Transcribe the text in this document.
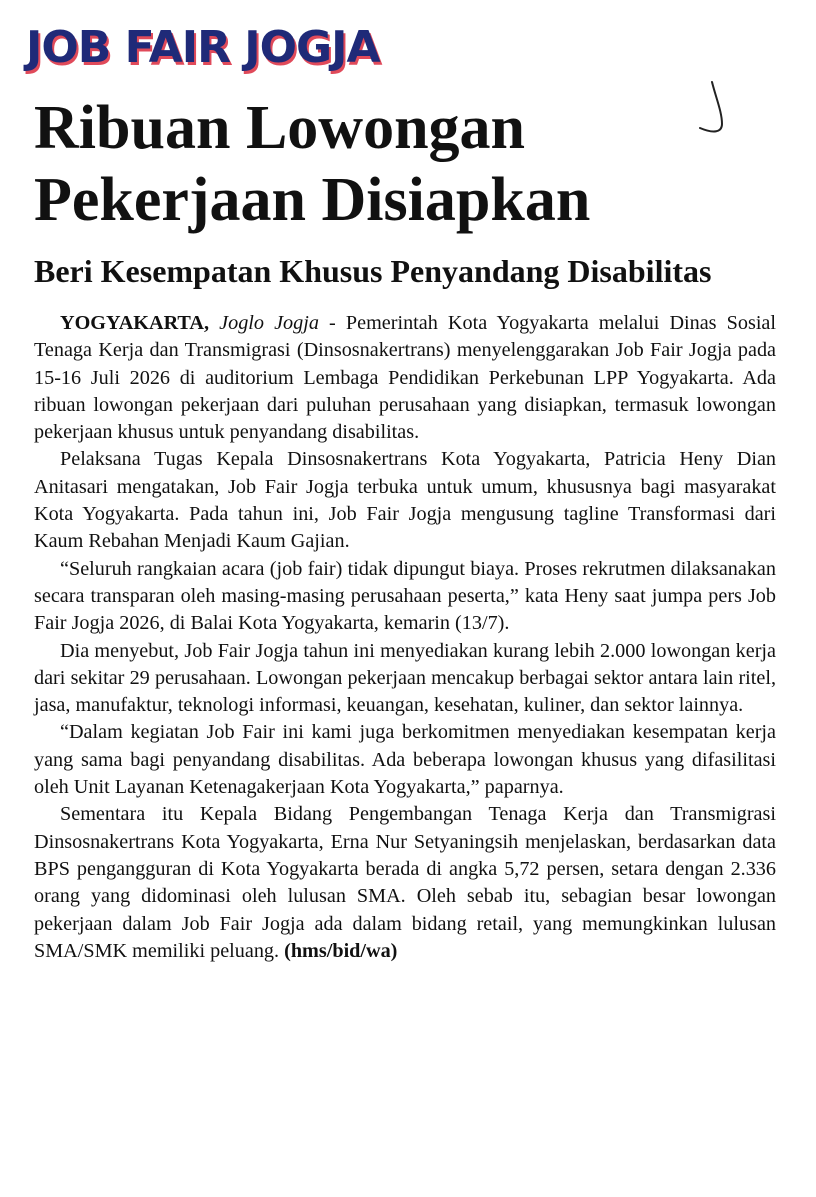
JOB FAIR JOGJA
Ribuan Lowongan Pekerjaan Disiapkan
Beri Kesempatan Khusus Penyandang Disabilitas

YOGYAKARTA, Joglo Jogja - Pemerintah Kota Yogyakarta melalui Dinas Sosial Tenaga Kerja dan Transmigrasi (Dinsosnakertrans) menyelenggarakan Job Fair Jogja pada 15-16 Juli 2026 di auditorium Lembaga Pendidikan Perkebunan LPP Yogyakarta. Ada ribuan lowongan pekerjaan dari puluhan perusahaan yang disiapkan, termasuk lowongan pekerjaan khusus untuk penyandang disabilitas.

Pelaksana Tugas Kepala Dinsosnakertrans Kota Yogyakarta, Patricia Heny Dian Anitasari mengatakan, Job Fair Jogja terbuka untuk umum, khususnya bagi masyarakat Kota Yogyakarta. Pada tahun ini, Job Fair Jogja mengusung tagline Transformasi dari Kaum Rebahan Menjadi Kaum Gajian.

“Seluruh rangkaian acara (job fair) tidak dipungut biaya. Proses rekrutmen dilaksanakan secara transparan oleh masing-masing perusahaan peserta,” kata Heny saat jumpa pers Job Fair Jogja 2026, di Balai Kota Yogyakarta, kemarin (13/7).

Dia menyebut, Job Fair Jogja tahun ini menyediakan kurang lebih 2.000 lowongan kerja dari sekitar 29 perusahaan. Lowongan pekerjaan mencakup berbagai sektor antara lain ritel, jasa, manufaktur, teknologi informasi, keuangan, kesehatan, kuliner, dan sektor lainnya.

“Dalam kegiatan Job Fair ini kami juga berkomitmen menyediakan kesempatan kerja yang sama bagi penyandang disabilitas. Ada beberapa lowongan khusus yang difasilitasi oleh Unit Layanan Ketenagakerjaan Kota Yogyakarta,” paparnya.

Sementara itu Kepala Bidang Pengembangan Tenaga Kerja dan Transmigrasi Dinsosnakertrans Kota Yogyakarta, Erna Nur Setyaningsih menjelaskan, berdasarkan data BPS pengangguran di Kota Yogyakarta berada di angka 5,72 persen, setara dengan 2.336 orang yang didominasi oleh lulusan SMA. Oleh sebab itu, sebagian besar lowongan pekerjaan dalam Job Fair Jogja ada dalam bidang retail, yang memungkinkan lulusan SMA/SMK memiliki peluang. (hms/bid/wa)
